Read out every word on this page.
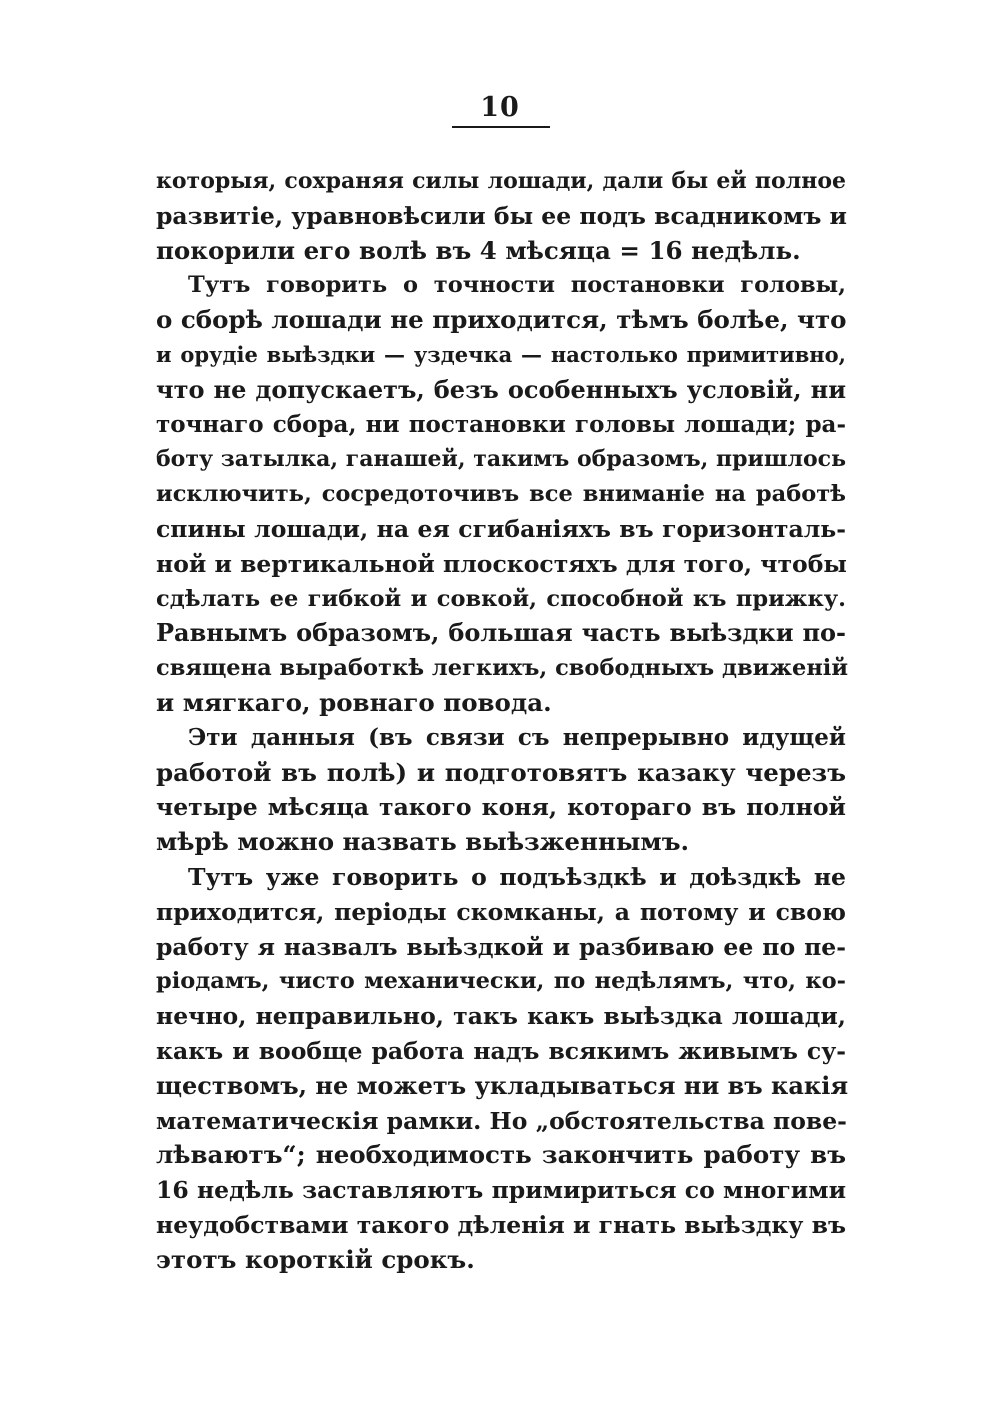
10
которыя, сохраняя силы лошади, дали бы ей полное
развитіе, уравновѣсили бы ее подъ всадникомъ и
покорили его волѣ въ 4 мѣсяца = 16 недѣль.
Тутъ говорить о точности постановки головы,
о сборѣ лошади не приходится, тѣмъ болѣе, что
и орудіе выѣздки — уздечка — настолько примитивно,
что не допускаетъ, безъ особенныхъ условій, ни
точнаго сбора, ни постановки головы лошади; ра-
боту затылка, ганашей, такимъ образомъ, пришлось
исключить, сосредоточивъ все вниманіе на работѣ
спины лошади, на ея сгибаніяхъ въ горизонталь-
ной и вертикальной плоскостяхъ для того, чтобы
сдѣлать ее гибкой и совкой, способной къ прижку.
Равнымъ образомъ, большая часть выѣздки по-
священа выработкѣ легкихъ, свободныхъ движеній
и мягкаго, ровнаго повода.
Эти данныя (въ связи съ непрерывно идущей
работой въ полѣ) и подготовятъ казаку черезъ
четыре мѣсяца такого коня, котораго въ полной
мѣрѣ можно назвать выѣзженнымъ.
Тутъ уже говорить о подъѣздкѣ и доѣздкѣ не
приходится, періоды скомканы, а потому и свою
работу я назвалъ выѣздкой и разбиваю ее по пе-
ріодамъ, чисто механически, по недѣлямъ, что, ко-
нечно, неправильно, такъ какъ выѣздка лошади,
какъ и вообще работа надъ всякимъ живымъ су-
ществомъ, не можетъ укладываться ни въ какія
математическія рамки. Но „обстоятельства пове-
лѣваютъ“; необходимость закончить работу въ
16 недѣль заставляютъ примириться со многими
неудобствами такого дѣленія и гнать выѣздку въ
этотъ короткій срокъ.
